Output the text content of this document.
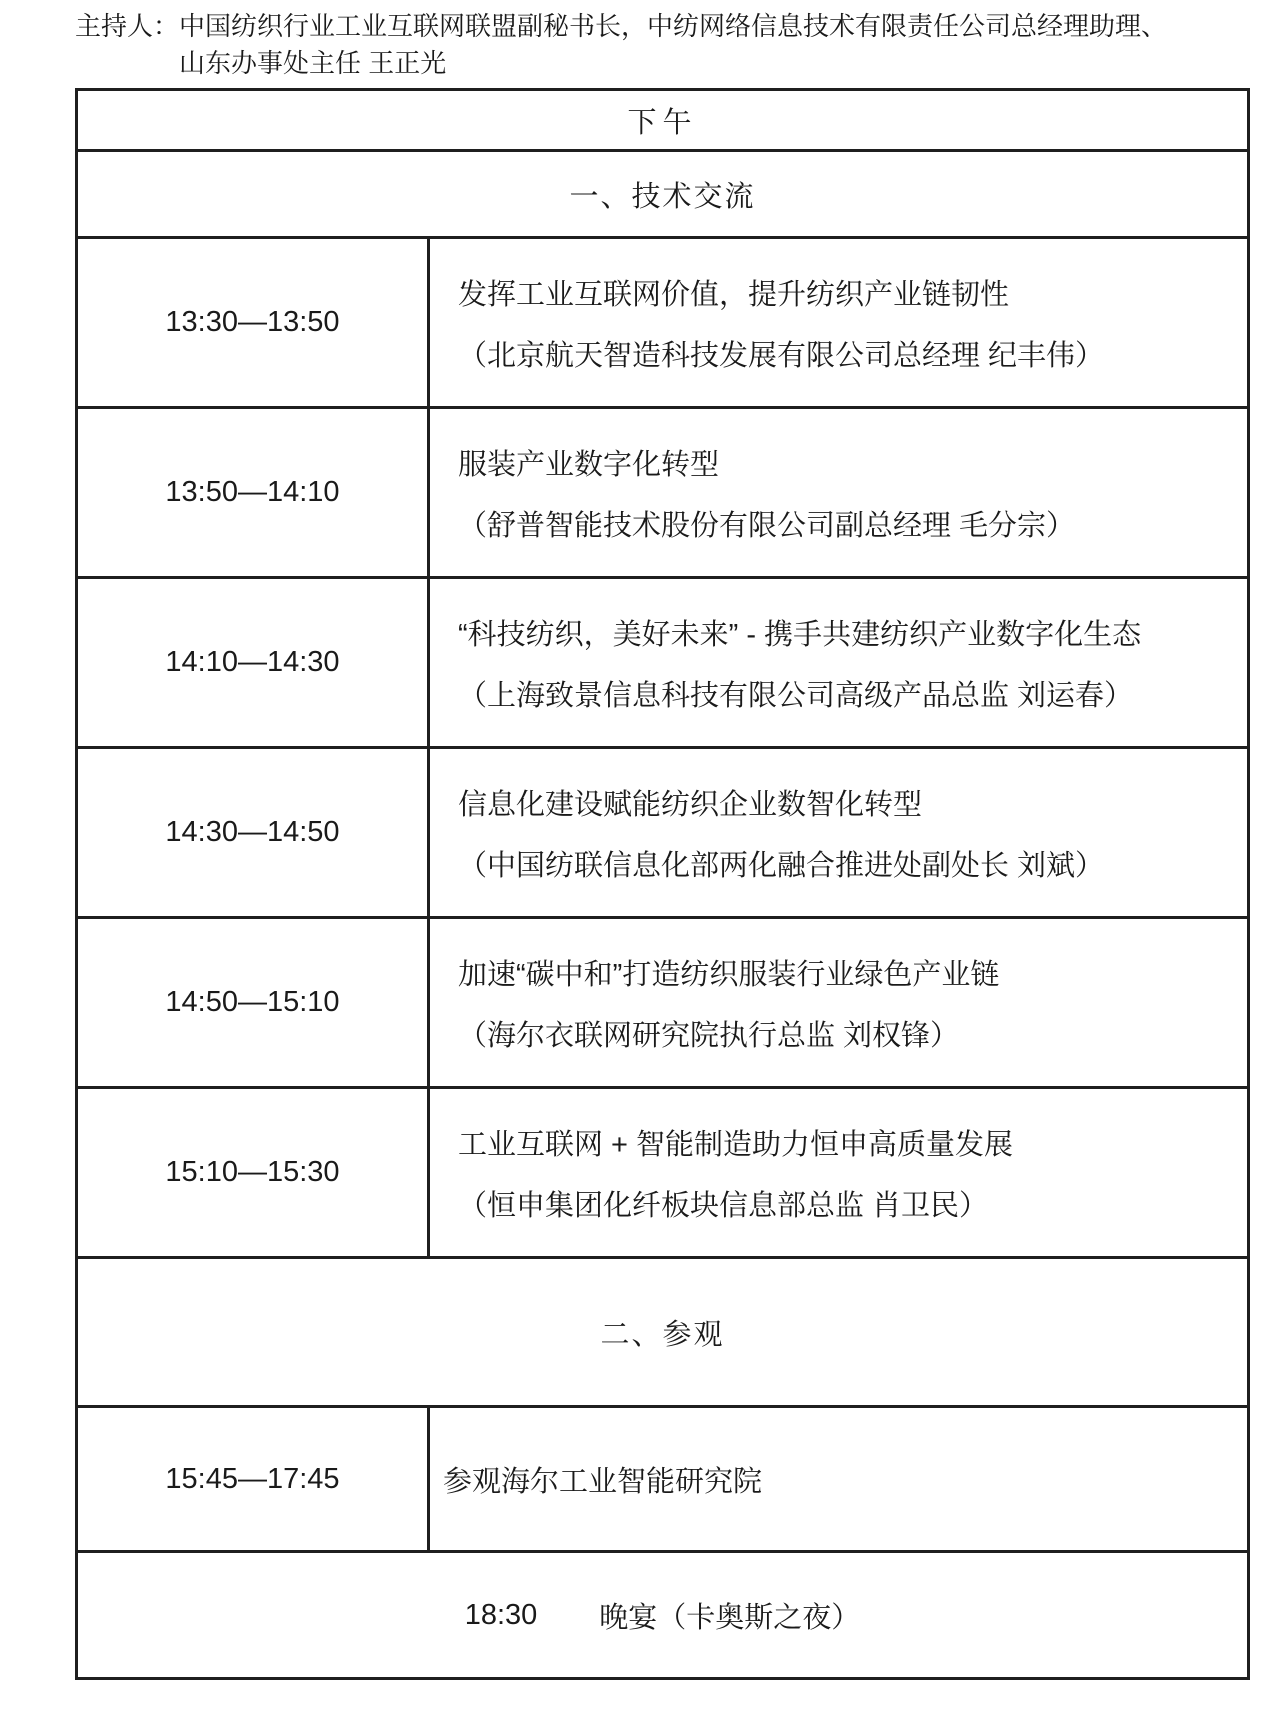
主持人： 中国纺织行业工业互联网联盟副秘书长，中纺网络信息技术有限责任公司总经理助理、
山东办事处主任 王正光
下午	
一、技术交流	
13:30—13:50	发挥工业互联网价值，提升纺织产业链韧性
（北京航天智造科技发展有限公司总经理 纪丰伟）

13:50—14:10	服装产业数字化转型
（舒普智能技术股份有限公司副总经理 毛分宗）

14:10—14:30	“科技纺织，美好未来” - 携手共建纺织产业数字化生态
（上海致景信息科技有限公司高级产品总监 刘运春）

14:30—14:50	信息化建设赋能纺织企业数智化转型
（中国纺联信息化部两化融合推进处副处长 刘斌）

14:50—15:10	加速“碳中和”打造纺织服装行业绿色产业链
（海尔衣联网研究院执行总监 刘权锋）

15:10—15:30	工业互联网 + 智能制造助力恒申高质量发展
（恒申集团化纤板块信息部总监 肖卫民）

二、参观	
15:45—17:45	参观海尔工业智能研究院

18:30 晚宴（卡奥斯之夜）	
